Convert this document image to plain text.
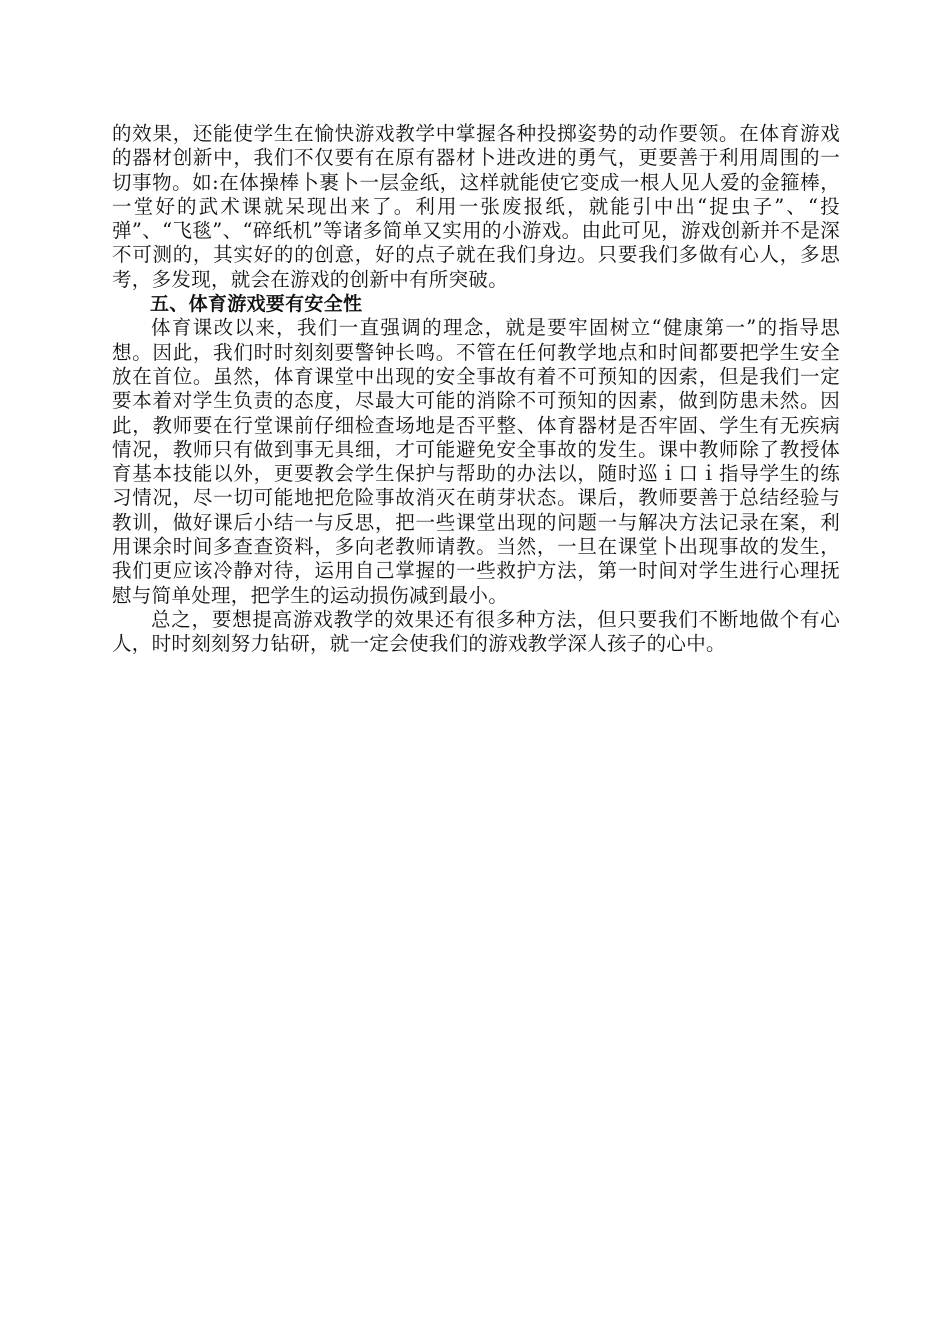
的效果，还能使学生在愉快游戏教学中掌握各种投掷姿势的动作要领。在体育游戏的器材创新中，我们不仅要有在原有器材卜进改进的勇气，更要善于利用周围的一切事物。如:在体操棒卜裹卜一层金纸，这样就能使它变成一根人见人爱的金箍棒，一堂好的武术课就呆现出来了。利用一张废报纸，就能引中出“捉虫子”、“投弹”、“飞毯”、“碎纸机”等诸多简单又实用的小游戏。由此可见，游戏创新并不是深不可测的，其实好的的创意，好的点子就在我们身边。只要我们多做有心人，多思考，多发现，就会在游戏的创新中有所突破。

五、体育游戏要有安全性

体育课改以来，我们一直强调的理念，就是要牢固树立“健康第一”的指导思想。因此，我们时时刻刻要警钟长鸣。不管在任何教学地点和时间都要把学生安全放在首位。虽然，体育课堂中出现的安全事故有着不可预知的因索，但是我们一定要本着对学生负责的态度，尽最大可能的消除不可预知的因素，做到防患未然。因此，教师要在行堂课前仔细检查场地是否平整、体育器材是否牢固、学生有无疾病情况，教师只有做到事无具细，才可能避免安全事故的发生。课中教师除了教授体育基本技能以外，更要教会学生保护与帮助的办法以，随时巡ｉ口ｉ指导学生的练习情况，尽一切可能地把危险事故消灭在萌芽状态。课后，教师要善于总结经验与教训，做好课后小结一与反思，把一些课堂出现的问题一与解决方法记录在案，利用课余时间多查查资料，多向老教师请教。当然，一旦在课堂卜出现事故的发生，我们更应该冷静对待，运用自己掌握的一些救护方法，第一时间对学生进行心理抚慰与简单处理，把学生的运动损伤减到最小。

总之，要想提高游戏教学的效果还有很多种方法，但只要我们不断地做个有心人，时时刻刻努力钻研，就一定会使我们的游戏教学深人孩子的心中。
